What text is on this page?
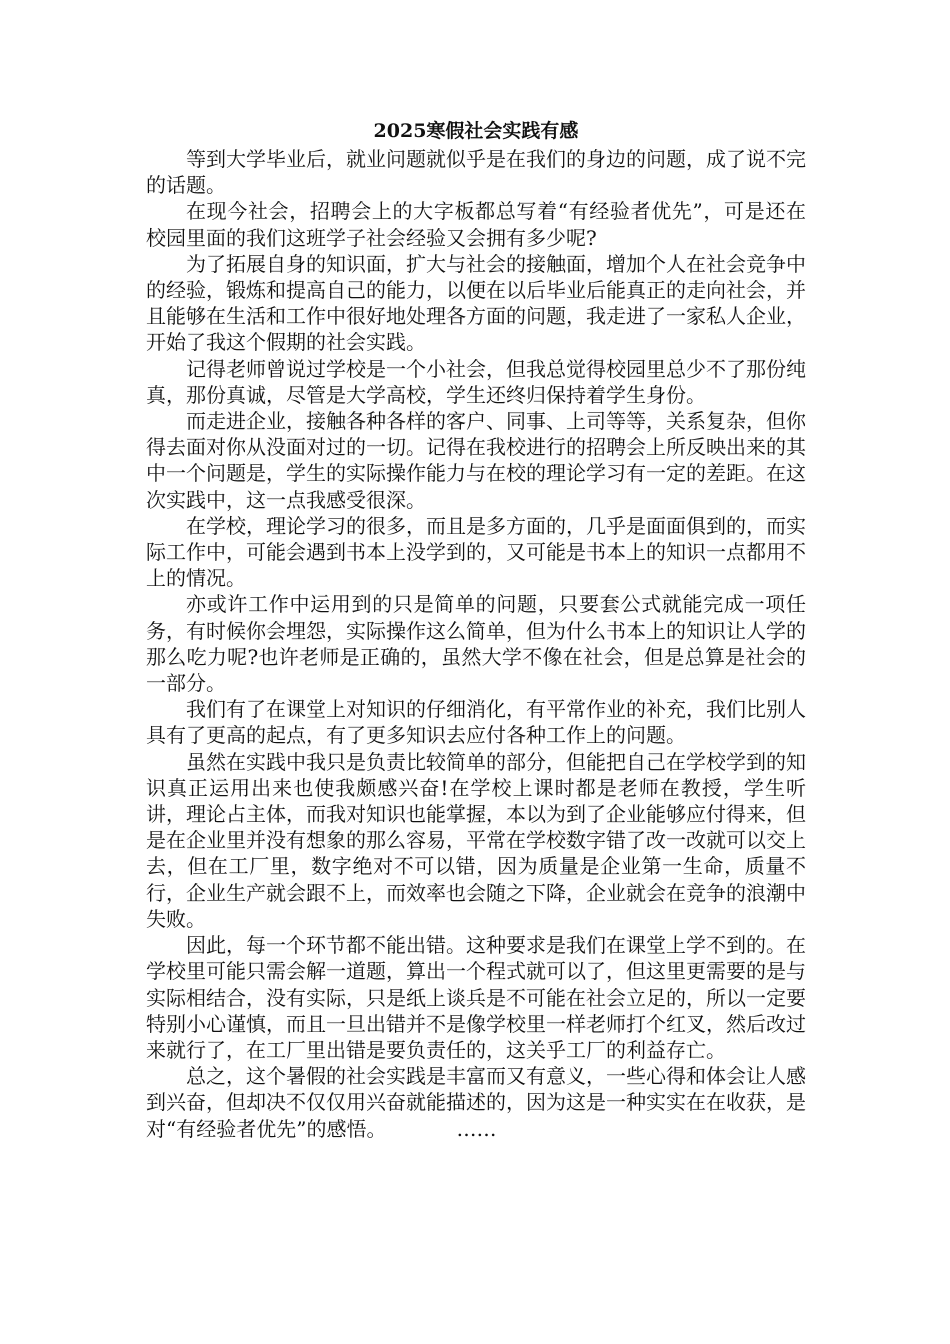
2025寒假社会实践有感

等到大学毕业后，就业问题就似乎是在我们的身边的问题，成了说不完的话题。

在现今社会，招聘会上的大字板都总写着“有经验者优先”，可是还在校园里面的我们这班学子社会经验又会拥有多少呢?

为了拓展自身的知识面，扩大与社会的接触面，增加个人在社会竞争中的经验，锻炼和提高自己的能力，以便在以后毕业后能真正的走向社会，并且能够在生活和工作中很好地处理各方面的问题，我走进了一家私人企业，开始了我这个假期的社会实践。

记得老师曾说过学校是一个小社会，但我总觉得校园里总少不了那份纯真，那份真诚，尽管是大学高校，学生还终归保持着学生身份。

而走进企业，接触各种各样的客户、同事、上司等等，关系复杂，但你得去面对你从没面对过的一切。记得在我校进行的招聘会上所反映出来的其中一个问题是，学生的实际操作能力与在校的理论学习有一定的差距。在这次实践中，这一点我感受很深。

在学校，理论学习的很多，而且是多方面的，几乎是面面俱到的，而实际工作中，可能会遇到书本上没学到的，又可能是书本上的知识一点都用不上的情况。

亦或许工作中运用到的只是简单的问题，只要套公式就能完成一项任务，有时候你会埋怨，实际操作这么简单，但为什么书本上的知识让人学的那么吃力呢?也许老师是正确的，虽然大学不像在社会，但是总算是社会的一部分。

我们有了在课堂上对知识的仔细消化，有平常作业的补充，我们比别人具有了更高的起点，有了更多知识去应付各种工作上的问题。

虽然在实践中我只是负责比较简单的部分，但能把自己在学校学到的知识真正运用出来也使我颇感兴奋!在学校上课时都是老师在教授，学生听讲，理论占主体，而我对知识也能掌握，本以为到了企业能够应付得来，但是在企业里并没有想象的那么容易，平常在学校数字错了改一改就可以交上去，但在工厂里，数字绝对不可以错，因为质量是企业第一生命，质量不行，企业生产就会跟不上，而效率也会随之下降，企业就会在竞争的浪潮中失败。

因此，每一个环节都不能出错。这种要求是我们在课堂上学不到的。在学校里可能只需会解一道题，算出一个程式就可以了，但这里更需要的是与实际相结合，没有实际，只是纸上谈兵是不可能在社会立足的，所以一定要特别小心谨慎，而且一旦出错并不是像学校里一样老师打个红叉，然后改过来就行了，在工厂里出错是要负责任的，这关乎工厂的利益存亡。

总之，这个暑假的社会实践是丰富而又有意义，一些心得和体会让人感到兴奋，但却决不仅仅用兴奋就能描述的，因为这是一种实实在在收获，是对“有经验者优先”的感悟。	……
